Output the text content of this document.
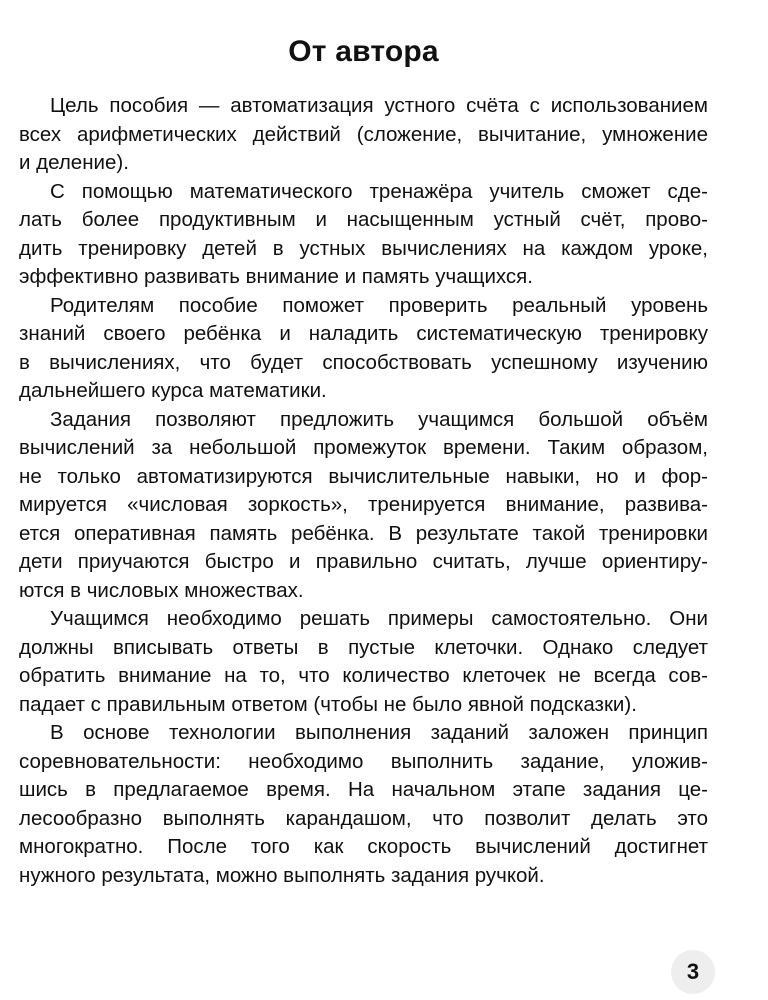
От автора

Цель пособия — автоматизация устного счёта с использованием
всех арифметических действий (сложение, вычитание, умножение
и деление).

С помощью математического тренажёра учитель сможет сде-
лать более продуктивным и насыщенным устный счёт, прово-
дить тренировку детей в устных вычислениях на каждом уроке,
эффективно развивать внимание и память учащихся.

Родителям пособие поможет проверить реальный уровень
знаний своего ребёнка и наладить систематическую тренировку
в вычислениях, что будет способствовать успешному изучению
дальнейшего курса математики.

Задания позволяют предложить учащимся большой объём
вычислений за небольшой промежуток времени. Таким образом,
не только автоматизируются вычислительные навыки, но и фор-
мируется «числовая зоркость», тренируется внимание, развива-
ется оперативная память ребёнка. В результате такой тренировки
дети приучаются быстро и правильно считать, лучше ориентиру-
ются в числовых множествах.

Учащимся необходимо решать примеры самостоятельно. Они
должны вписывать ответы в пустые клеточки. Однако следует
обратить внимание на то, что количество клеточек не всегда сов-
падает с правильным ответом (чтобы не было явной подсказки).

В основе технологии выполнения заданий заложен принцип
соревновательности: необходимо выполнить задание, уложив-
шись в предлагаемое время. На начальном этапе задания це-
лесообразно выполнять карандашом, что позволит делать это
многократно. После того как скорость вычислений достигнет
нужного результата, можно выполнять задания ручкой.

3
